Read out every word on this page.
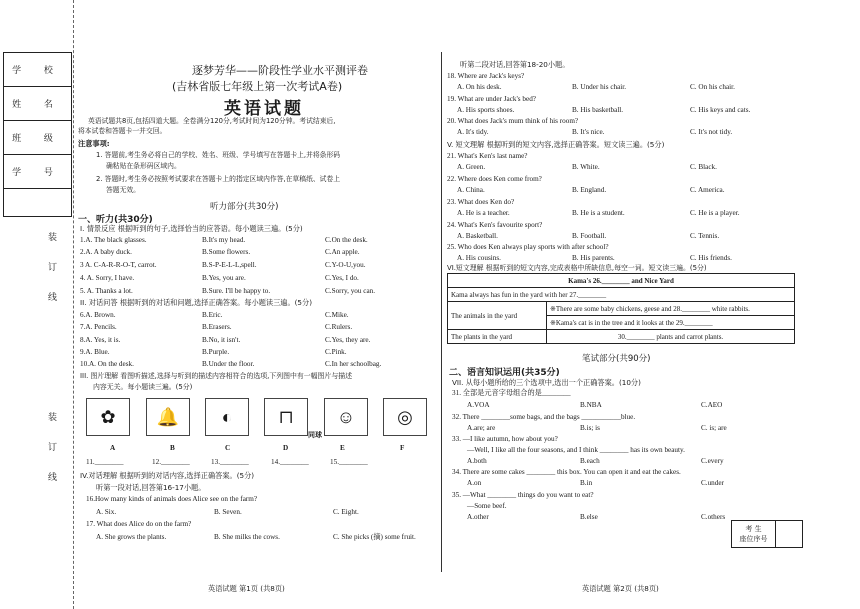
学 校
姓 名
班 级
学 号
装
订
线
装
订
线
逐梦芳华——阶段性学业水平测评卷
(吉林省版七年级上第一次考试A卷)
英语试题
英语试题共8页,包括四道大题。全卷满分120分,考试时间为120分钟。考试结束后,
将本试卷和答题卡一并交回。
注意事项:
1. 答题前,考生务必将自己的学校、姓名、班级、学号填写在答题卡上,并将条形码
确粘贴在条形码区域内。
2. 答题时,考生务必按照考试要求在答题卡上的指定区域内作答,在草稿纸、试卷上
答题无效。
听力部分(共30分)
一、听力(共30分)
I. 情景反应 根据听到的句子,选择恰当的应答语。每小题读三遍。(5分)
1.A. The black glasses.	B.It's my head.	C.On the desk.
2.A. A baby duck.	B.Some flowers.	C.An apple.
3 A. C-A-R-R-O-T, carrot.	B.S-P-E-L-L,spell.	C.Y-O-U,you.
4. A. Sorry, I have.	B.Yes, you are.	C.Yes, I do.
5. A. Thanks a lot.	B.Sure. I'll be happy to.	C.Sorry, you can.
II. 对话问答 根据听到的对话和问题,选择正确答案。每小题读三遍。(5分)
6.A. Brown.	B.Eric.	C.Mike.
7.A. Pencils.	B.Erasers.	C.Rulers.
8.A. Yes, it is.	B.No, it isn't.	C.Yes, they are.
9.A. Blue.	B.Purple.	C.Pink.
10.A. On the desk.	B.Under the floor.	C.In her schoolbag.
III. 图片理解 看图听描述,选择与听到的描述内容相符合的选项,下列图中有一幅图片与描述
内容无关。每小题读三遍。(5分)
✿	🔔	◐	⊓	☺	◎
同球
A	B	C	D	E	F
11.________	12.________	13.________	14.________	15.________
IV.对话理解 根据听到的对话内容,选择正确答案。(5分)
听第一段对话,回答第16-17小题。
16.How many kinds of animals does Alice see on the farm?
A. Six.	B. Seven.	C. Eight.
17. What does Alice do on the farm?
A. She grows the plants.	B. She milks the cows.	C. She picks (摘) some fruit.
英语试题 第1页 (共8页)
听第二段对话,回答第18-20小题。
18. Where are Jack's keys?
A. On his desk.	B. Under his chair.	C. On his chair.
19. What are under Jack's bed?
A. His sports shoes.	B. His basketball.	C. His keys and cats.
20. What does Jack's mum think of his room?
A. It's tidy.	B. It's nice.	C. It's not tidy.
V. 短文理解 根据听到的短文内容,选择正确答案。短文读三遍。(5分)
21. What's Ken's last name?
A. Green.	B. White.	C. Black.
22. Where does Ken come from?
A. China.	B. England.	C. America.
23. What does Ken do?
A. He is a teacher.	B. He is a student.	C. He is a player.
24. What's Ken's favourite sport?
A. Basketball.	B. Football.	C. Tennis.
25. Who does Ken always play sports with after school?
A. His cousins.	B. His parents.	C. His friends.
VI.短文理解 根据听到的短文内容,完成表格中所缺信息,每空一词。短文读三遍。(5分)
Kama's 26.________ and Nice Yard	
Kama always has fun in the yard with her 27.________	
The animals in the yard	※There are some baby chickens, geese and 28.________ white rabbits.
	※Kama's cat is in the tree and it looks at the 29.________
The plants in the yard	30.________ plants and carrot plants.
笔试部分(共90分)
二、语言知识运用(共35分)
VII. 从每小题所给的三个选项中,选出一个正确答案。(10分)
31. 全部是元音字母组合的是________
A.VOA	B.NBA	C.AEO
32. There ________some bags, and the bags ___________blue.
A.are; are	B.is; is	C. is; are
33. —I like autumn, how about you?
—Well, I like all the four seasons, and I think ________ has its own beauty.
A.both	B.each	C.every
34. There are some cakes ________ this box. You can open it and eat the cakes.
A.on	B.in	C.under
35. —What ________ things do you want to eat?
—Some beef.
A.other	B.else	C.others
考 生
座位序号
英语试题 第2页 (共8页)
